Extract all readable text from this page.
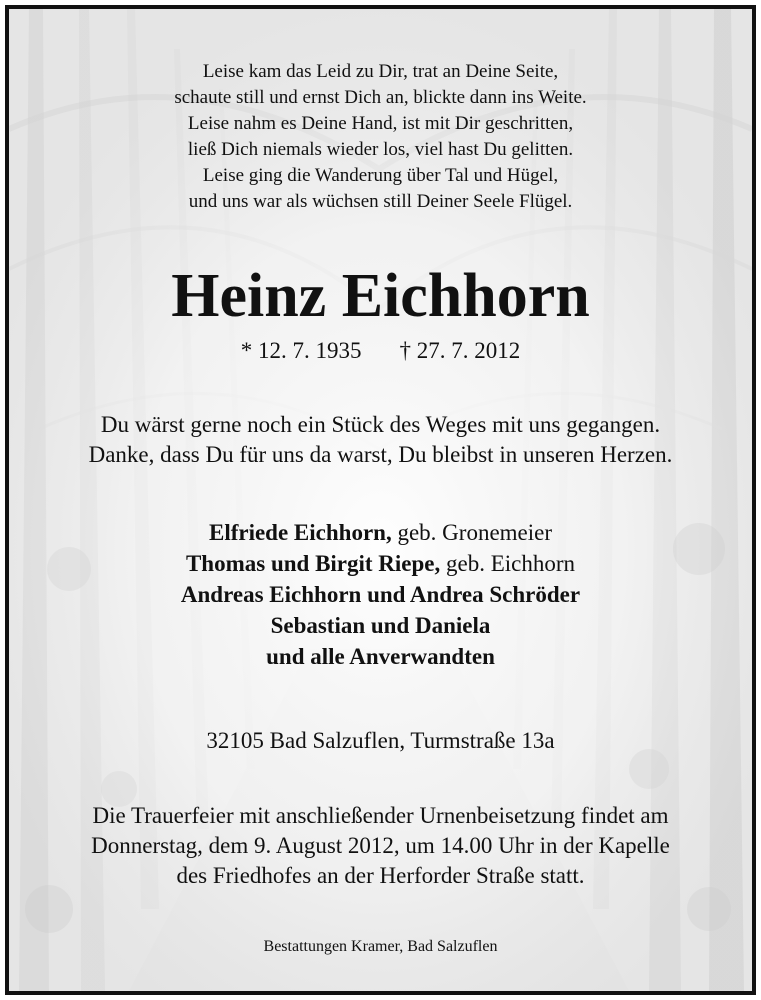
Leise kam das Leid zu Dir, trat an Deine Seite,
schaute still und ernst Dich an, blickte dann ins Weite.
Leise nahm es Deine Hand, ist mit Dir geschritten,
ließ Dich niemals wieder los, viel hast Du gelitten.
Leise ging die Wanderung über Tal und Hügel,
und uns war als wüchsen still Deiner Seele Flügel.
Heinz Eichhorn
* 12. 7. 1935 † 27. 7. 2012
Du wärst gerne noch ein Stück des Weges mit uns gegangen.
Danke, dass Du für uns da warst, Du bleibst in unseren Herzen.
Elfriede Eichhorn, geb. Gronemeier
Thomas und Birgit Riepe, geb. Eichhorn
Andreas Eichhorn und Andrea Schröder
Sebastian und Daniela
und alle Anverwandten
32105 Bad Salzuflen, Turmstraße 13a
Die Trauerfeier mit anschließender Urnenbeisetzung findet am
Donnerstag, dem 9. August 2012, um 14.00 Uhr in der Kapelle
des Friedhofes an der Herforder Straße statt.
Bestattungen Kramer, Bad Salzuflen
